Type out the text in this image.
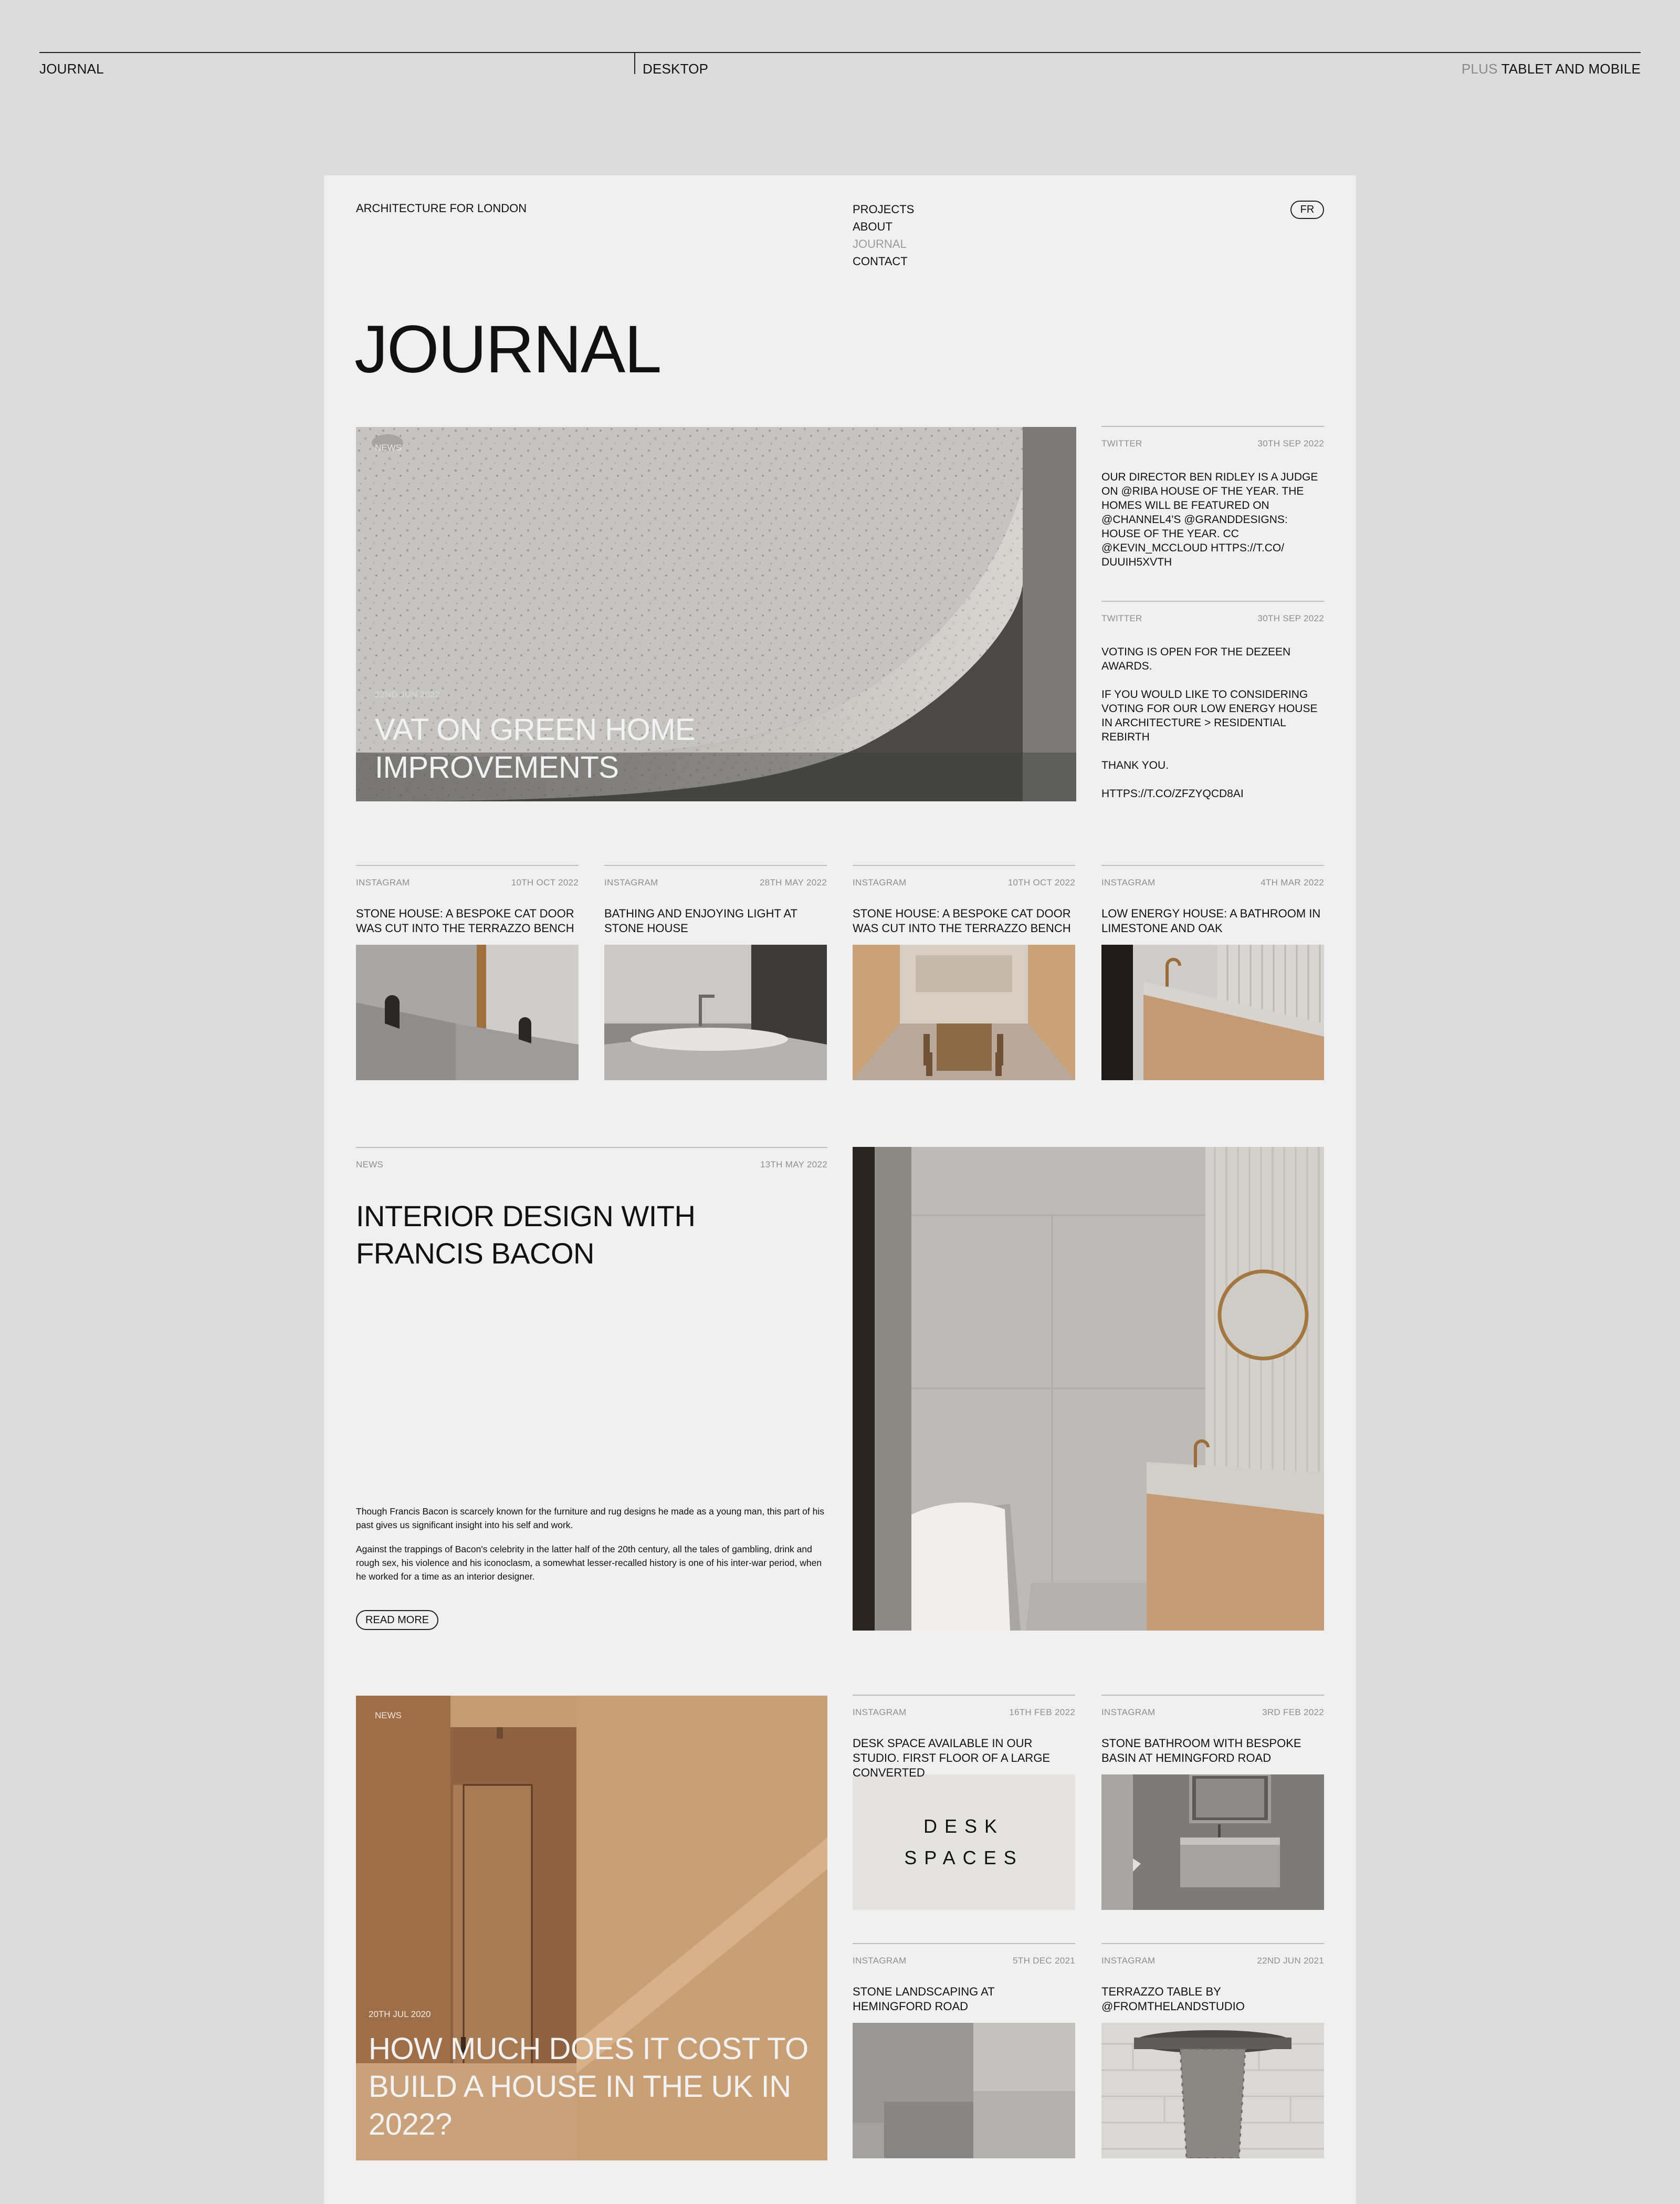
JOURNAL	DESKTOP	PLUS TABLET AND MOBILE
ARCHITECTURE FOR LONDON	PROJECTS
ABOUT
JOURNAL
CONTACT
FR
JOURNAL
NEWS
22ND JUN 2022
VAT ON GREEN HOME IMPROVEMENTS
TWITTER	30TH SEP 2022

OUR DIRECTOR BEN RIDLEY IS A JUDGE ON @RIBA HOUSE OF THE YEAR. THE HOMES WILL BE FEATURED ON @CHANNEL4'S @GRANDDESIGNS: HOUSE OF THE YEAR. CC @KEVIN_MCCLOUD HTTPS://T.CO/ DUUIH5XVTH

TWITTER	30TH SEP 2022

VOTING IS OPEN FOR THE DEZEEN AWARDS.

IF YOU WOULD LIKE TO CONSIDERING VOTING FOR OUR LOW ENERGY HOUSE IN ARCHITECTURE > RESIDENTIAL REBIRTH

THANK YOU.

HTTPS://T.CO/ZFZYQCD8AI

INSTAGRAM	10TH OCT 2022
STONE HOUSE: A BESPOKE CAT DOOR WAS CUT INTO THE TERRAZZO BENCH
INSTAGRAM	28TH MAY 2022
BATHING AND ENJOYING LIGHT AT STONE HOUSE
INSTAGRAM	10TH OCT 2022
STONE HOUSE: A BESPOKE CAT DOOR WAS CUT INTO THE TERRAZZO BENCH
INSTAGRAM	4TH MAR 2022
LOW ENERGY HOUSE: A BATHROOM IN LIMESTONE AND OAK
NEWS	13TH MAY 2022
INTERIOR DESIGN WITH FRANCIS BACON

Though Francis Bacon is scarcely known for the furniture and rug designs he made as a young man, this part of his past gives us significant insight into his self and work.

Against the trappings of Bacon's celebrity in the latter half of the 20th century, all the tales of gambling, drink and rough sex, his violence and his iconoclasm, a somewhat lesser-recalled history is one of his inter-war period, when he worked for a time as an interior designer.

READ MORE
NEWS
20TH JUL 2020
HOW MUCH DOES IT COST TO BUILD A HOUSE IN THE UK IN 2022?
INSTAGRAM	16TH FEB 2022
DESK SPACE AVAILABLE IN OUR STUDIO. FIRST FLOOR OF A LARGE CONVERTED
DESK
SPACES
INSTAGRAM	3RD FEB 2022
STONE BATHROOM WITH BESPOKE BASIN AT HEMINGFORD ROAD
INSTAGRAM	5TH DEC 2021
STONE LANDSCAPING AT HEMINGFORD ROAD
INSTAGRAM	22ND JUN 2021
TERRAZZO TABLE BY @FROMTHELANDSTUDIO
